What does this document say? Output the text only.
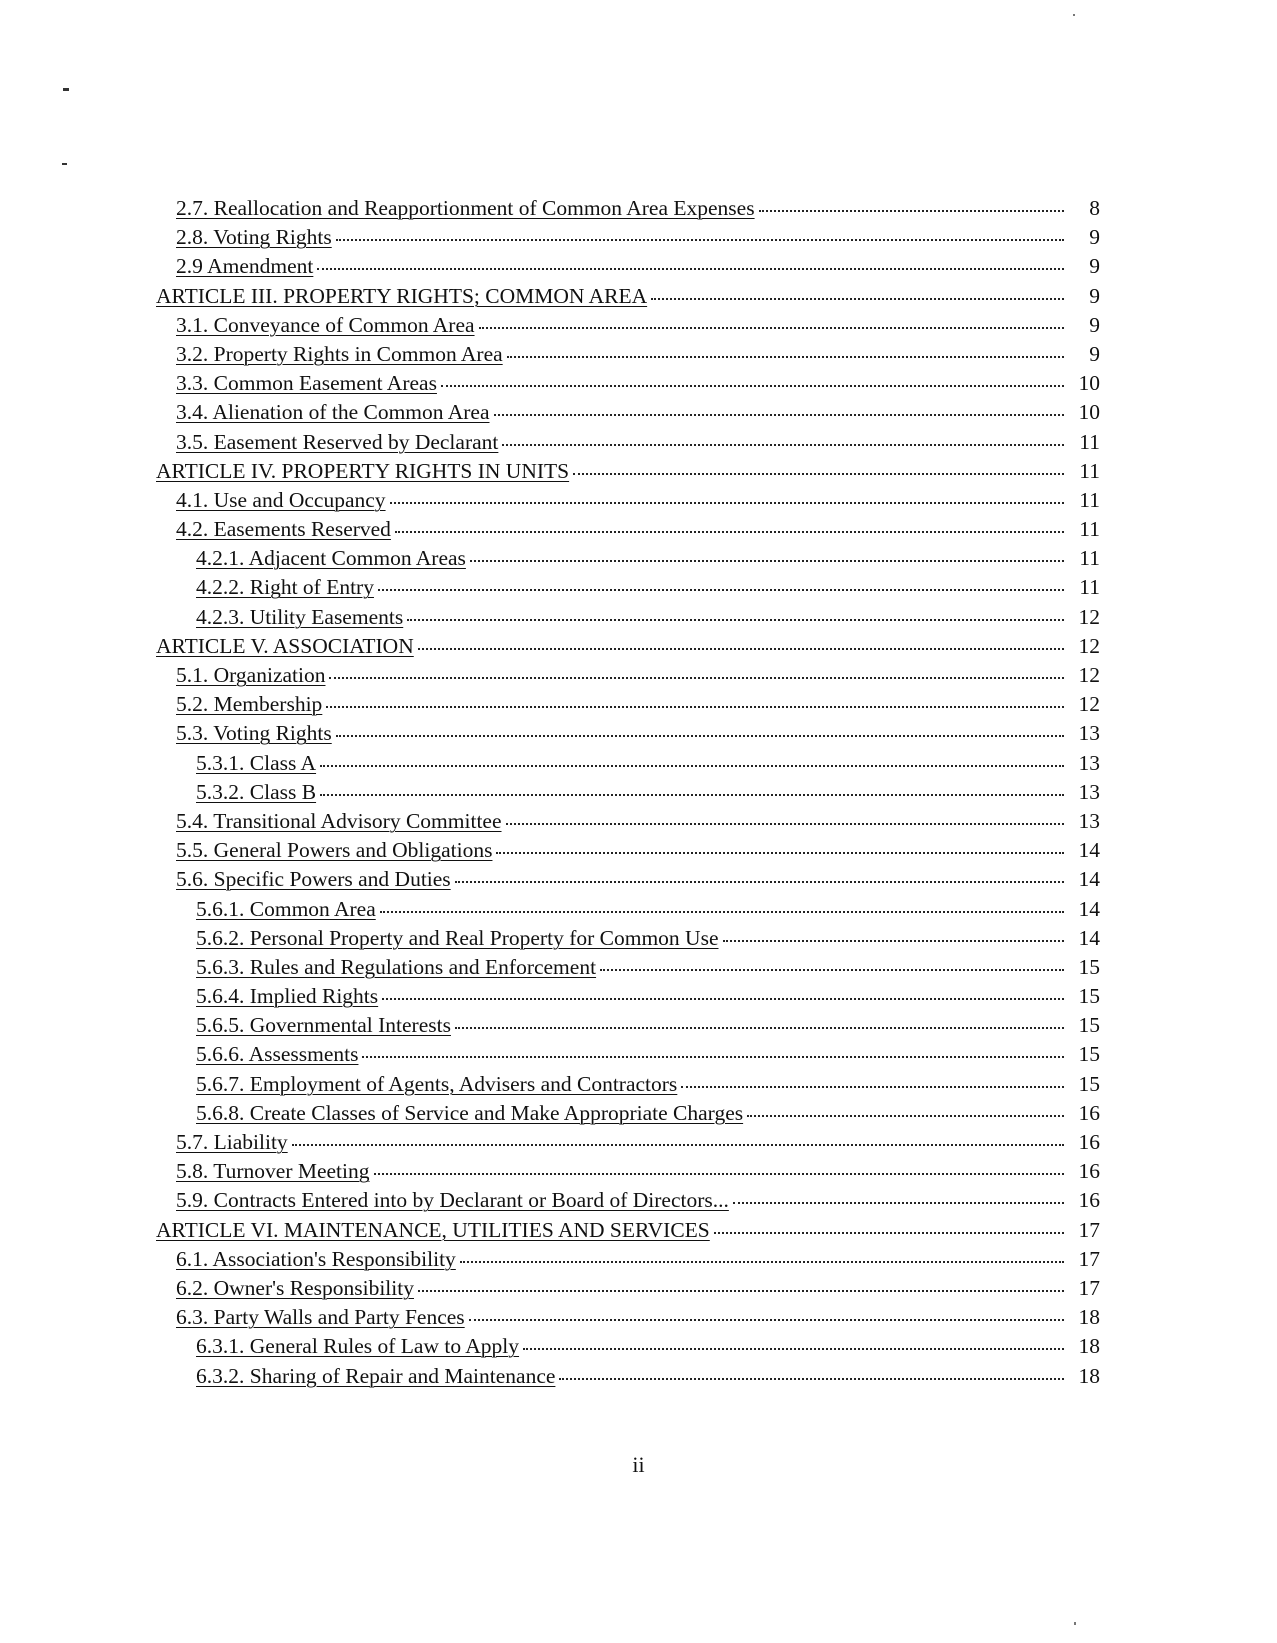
2.7. Reallocation and Reapportionment of Common Area Expenses	8
2.8. Voting Rights	9
2.9 Amendment	9
ARTICLE III. PROPERTY RIGHTS; COMMON AREA	9
3.1. Conveyance of Common Area	9
3.2. Property Rights in Common Area	9
3.3. Common Easement Areas	10
3.4. Alienation of the Common Area	10
3.5. Easement Reserved by Declarant	11
ARTICLE IV. PROPERTY RIGHTS IN UNITS	11
4.1. Use and Occupancy	11
4.2. Easements Reserved	11
4.2.1. Adjacent Common Areas	11
4.2.2. Right of Entry	11
4.2.3. Utility Easements	12
ARTICLE V. ASSOCIATION	12
5.1. Organization	12
5.2. Membership	12
5.3. Voting Rights	13
5.3.1. Class A	13
5.3.2. Class B	13
5.4. Transitional Advisory Committee	13
5.5. General Powers and Obligations	14
5.6. Specific Powers and Duties	14
5.6.1. Common Area	14
5.6.2. Personal Property and Real Property for Common Use	14
5.6.3. Rules and Regulations and Enforcement	15
5.6.4. Implied Rights	15
5.6.5. Governmental Interests	15
5.6.6. Assessments	15
5.6.7. Employment of Agents, Advisers and Contractors	15
5.6.8. Create Classes of Service and Make Appropriate Charges	16
5.7. Liability	16
5.8. Turnover Meeting	16
5.9. Contracts Entered into by Declarant or Board of Directors...	16
ARTICLE VI. MAINTENANCE, UTILITIES AND SERVICES	17
6.1. Association's Responsibility	17
6.2. Owner's Responsibility	17
6.3. Party Walls and Party Fences	18
6.3.1. General Rules of Law to Apply	18
6.3.2. Sharing of Repair and Maintenance	18
ii
